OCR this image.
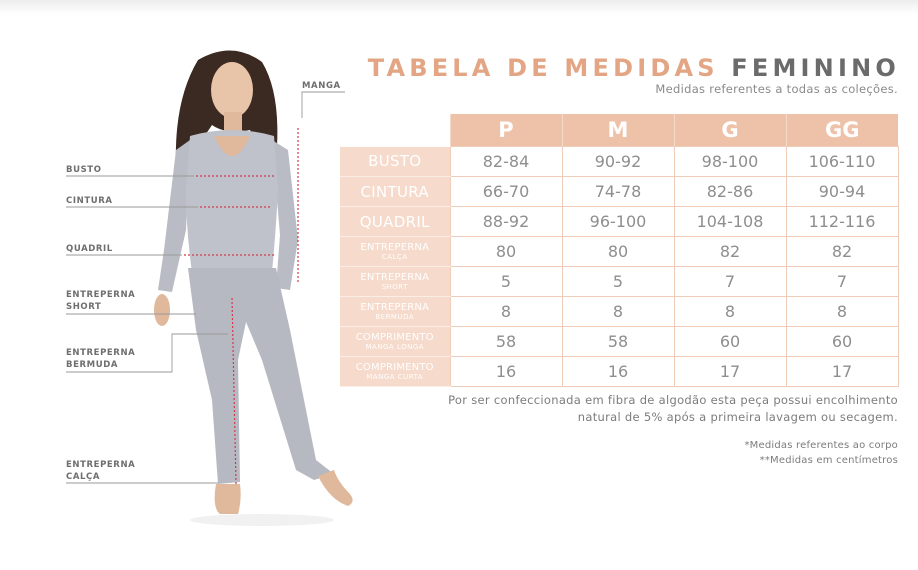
MANGA
BUSTO
CINTURA
QUADRIL
ENTREPERNA
SHORT
ENTREPERNA
BERMUDA
ENTREPERNA
CALÇA
TABELA DE MEDIDAS FEMININO
Medidas referentes a todas as coleções.
	P	M	G	GG
BUSTO	82-84	90-92	98-100	106-110
CINTURA	66-70	74-78	82-86	90-94
QUADRIL	88-92	96-100	104-108	112-116

ENTREPERNA
CALÇA	80	80	82	82

ENTREPERNA
SHORT	5	5	7	7

ENTREPERNA
BERMUDA	8	8	8	8

COMPRIMENTO
MANGA LONGA	58	58	60	60

COMPRIMENTO
MANGA CURTA	16	16	17	17
Por ser confeccionada em fibra de algodão esta peça possui encolhimento natural de 5% após a primeira lavagem ou secagem.
*Medidas referentes ao corpo
**Medidas em centímetros
